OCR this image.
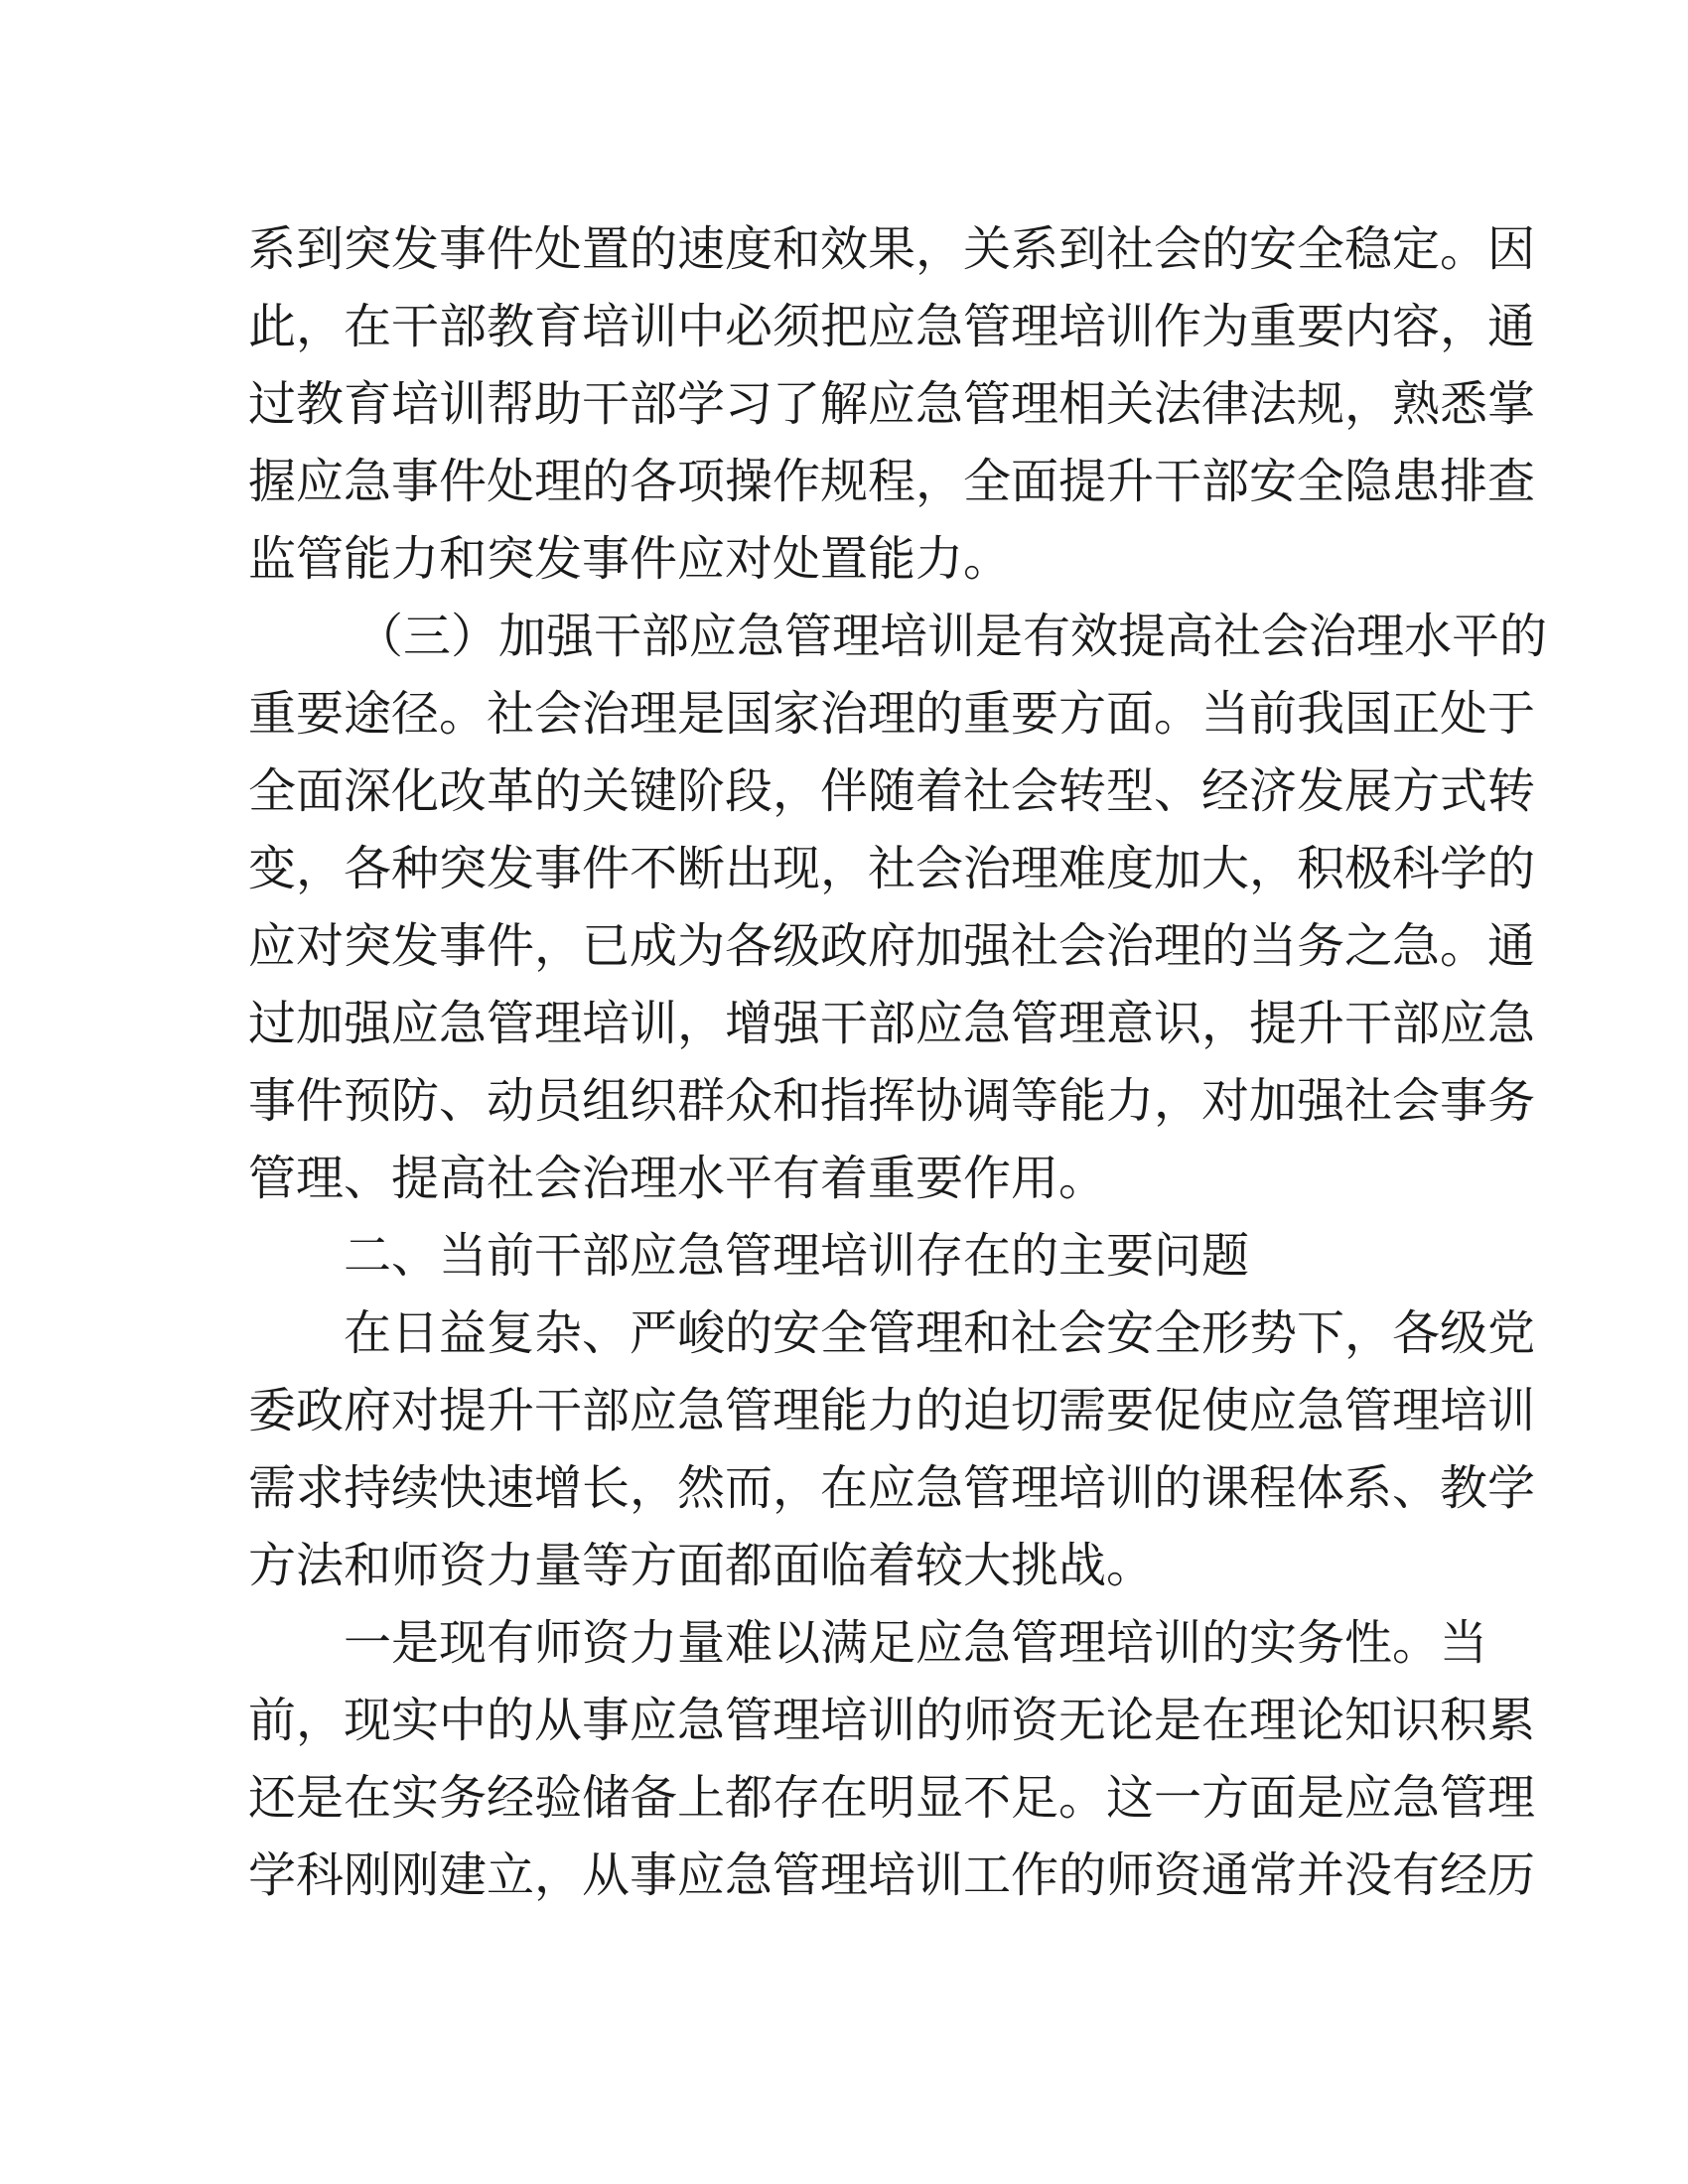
系到突发事件处置的速度和效果，关系到社会的安全稳定。因
此，在干部教育培训中必须把应急管理培训作为重要内容，通
过教育培训帮助干部学习了解应急管理相关法律法规，熟悉掌
握应急事件处理的各项操作规程，全面提升干部安全隐患排查
监管能力和突发事件应对处置能力。
（三）加强干部应急管理培训是有效提高社会治理水平的
重要途径。社会治理是国家治理的重要方面。当前我国正处于
全面深化改革的关键阶段，伴随着社会转型、经济发展方式转
变，各种突发事件不断出现，社会治理难度加大，积极科学的
应对突发事件，已成为各级政府加强社会治理的当务之急。通
过加强应急管理培训，增强干部应急管理意识，提升干部应急
事件预防、动员组织群众和指挥协调等能力，对加强社会事务
管理、提高社会治理水平有着重要作用。
二、当前干部应急管理培训存在的主要问题
在日益复杂、严峻的安全管理和社会安全形势下，各级党
委政府对提升干部应急管理能力的迫切需要促使应急管理培训
需求持续快速增长，然而，在应急管理培训的课程体系、教学
方法和师资力量等方面都面临着较大挑战。
一是现有师资力量难以满足应急管理培训的实务性。当
前，现实中的从事应急管理培训的师资无论是在理论知识积累
还是在实务经验储备上都存在明显不足。这一方面是应急管理
学科刚刚建立，从事应急管理培训工作的师资通常并没有经历
